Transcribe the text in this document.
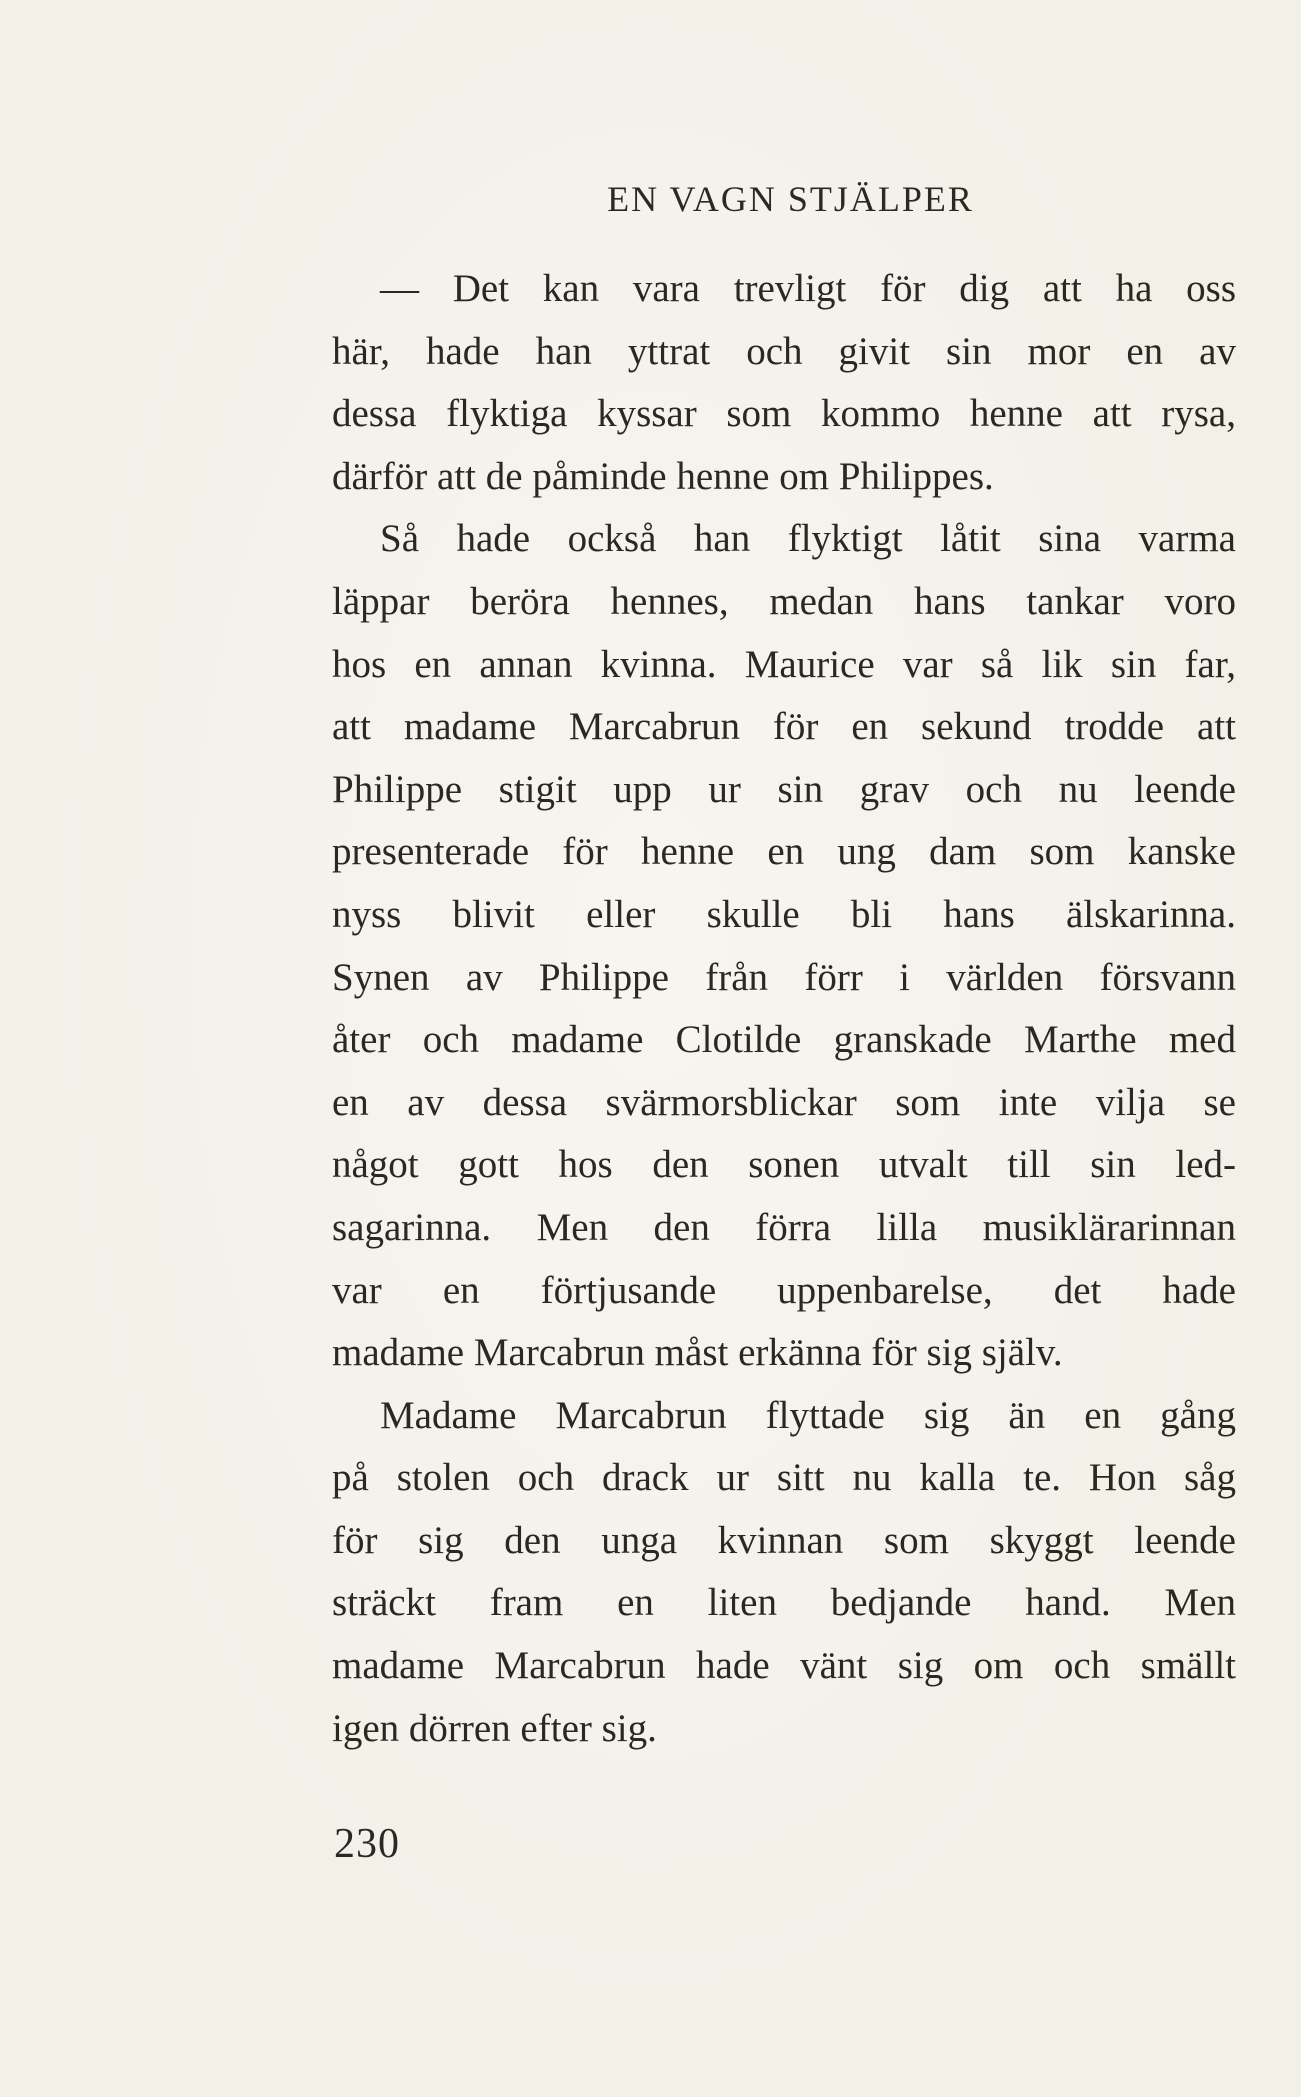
EN VAGN STJÄLPER
— Det kan vara trevligt för dig att ha oss
här, hade han yttrat och givit sin mor en av
dessa flyktiga kyssar som kommo henne att rysa,
därför att de påminde henne om Philippes.
Så hade också han flyktigt låtit sina varma
läppar beröra hennes, medan hans tankar voro
hos en annan kvinna. Maurice var så lik sin far,
att madame Marcabrun för en sekund trodde att
Philippe stigit upp ur sin grav och nu leende
presenterade för henne en ung dam som kanske
nyss blivit eller skulle bli hans älskarinna.
Synen av Philippe från förr i världen försvann
åter och madame Clotilde granskade Marthe med
en av dessa svärmorsblickar som inte vilja se
något gott hos den sonen utvalt till sin led-
sagarinna. Men den förra lilla musiklärarinnan
var en förtjusande uppenbarelse, det hade
madame Marcabrun måst erkänna för sig själv.
Madame Marcabrun flyttade sig än en gång
på stolen och drack ur sitt nu kalla te. Hon såg
för sig den unga kvinnan som skyggt leende
sträckt fram en liten bedjande hand. Men
madame Marcabrun hade vänt sig om och smällt
igen dörren efter sig.
230
